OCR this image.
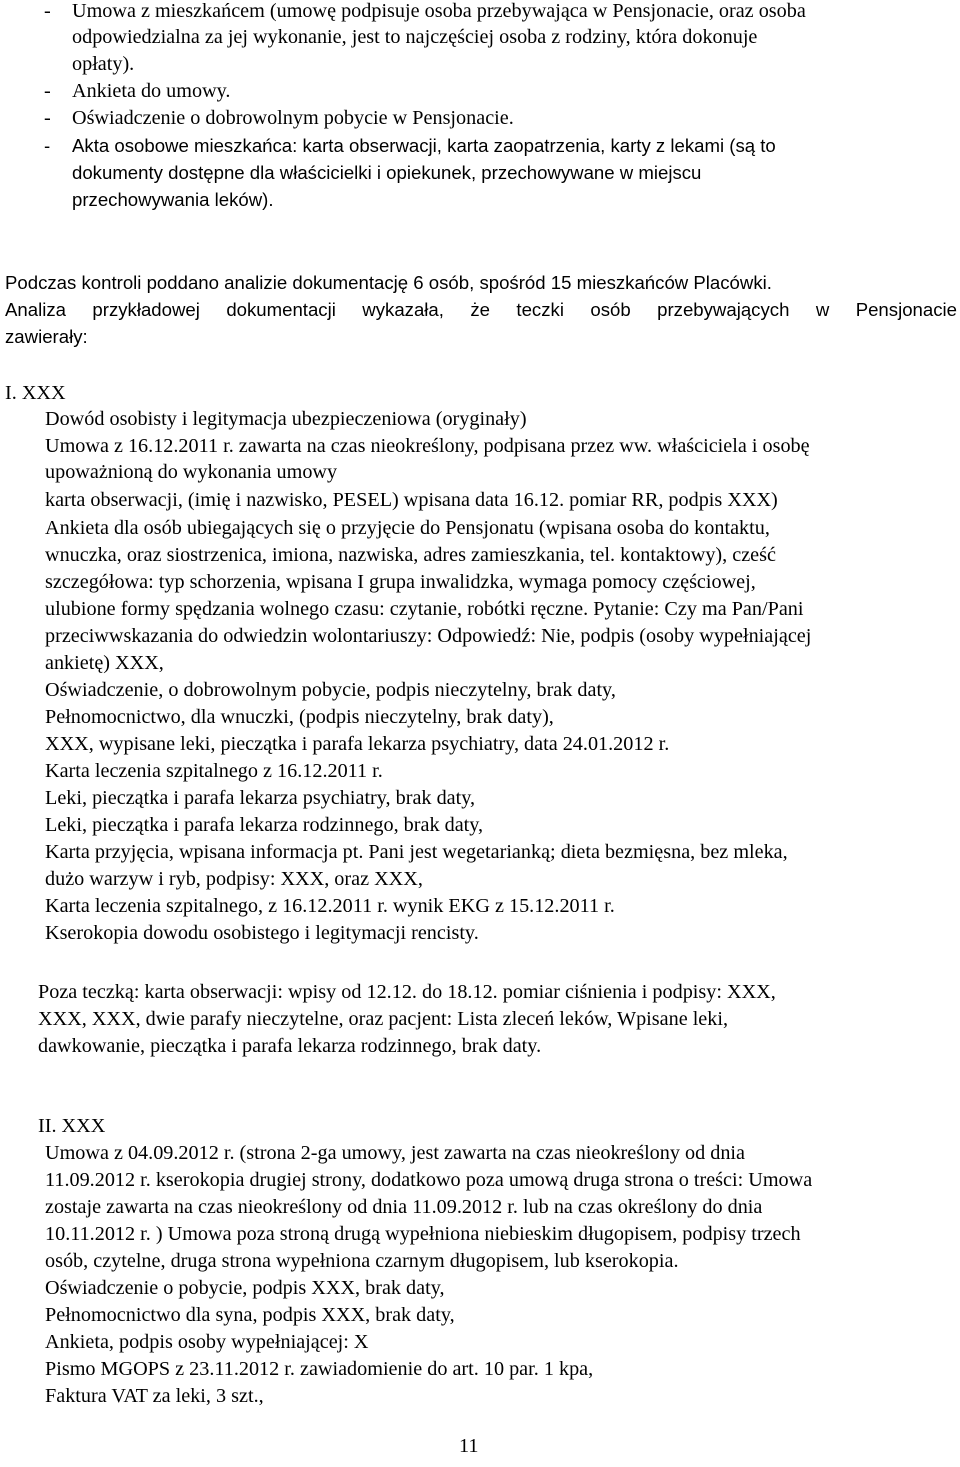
- Umowa z mieszkańcem (umowę podpisuje osoba przebywająca w Pensjonacie, oraz osoba
odpowiedzialna za jej wykonanie, jest to najczęściej osoba z rodziny, która dokonuje
opłaty).
- Ankieta do umowy.
- Oświadczenie o dobrowolnym pobycie w Pensjonacie.
- Akta osobowe mieszkańca: karta obserwacji, karta zaopatrzenia, karty z lekami (są to
dokumenty dostępne dla właścicielki i opiekunek, przechowywane w miejscu
przechowywania leków).
Podczas kontroli poddano analizie dokumentację 6 osób, spośród 15 mieszkańców Placówki.
Analiza przykładowej dokumentacji wykazała, że teczki osób przebywających w Pensjonacie
zawierały:
I. XXX
Dowód osobisty i legitymacja ubezpieczeniowa (oryginały)
Umowa z 16.12.2011 r. zawarta na czas nieokreślony, podpisana przez ww. właściciela i osobę
upoważnioną do wykonania umowy
karta obserwacji, (imię i nazwisko, PESEL) wpisana data 16.12. pomiar RR, podpis XXX)
Ankieta dla osób ubiegających się o przyjęcie do Pensjonatu (wpisana osoba do kontaktu,
wnuczka, oraz siostrzenica, imiona, nazwiska, adres zamieszkania, tel. kontaktowy), cześć
szczegółowa: typ schorzenia, wpisana I grupa inwalidzka, wymaga pomocy częściowej,
ulubione formy spędzania wolnego czasu: czytanie, robótki ręczne. Pytanie: Czy ma Pan/Pani
przeciwwskazania do odwiedzin wolontariuszy: Odpowiedź: Nie, podpis (osoby wypełniającej
ankietę) XXX,
Oświadczenie, o dobrowolnym pobycie, podpis nieczytelny, brak daty,
Pełnomocnictwo, dla wnuczki, (podpis nieczytelny, brak daty),
XXX, wypisane leki, pieczątka i parafa lekarza psychiatry, data 24.01.2012 r.
Karta leczenia szpitalnego z 16.12.2011 r.
Leki, pieczątka i parafa lekarza psychiatry, brak daty,
Leki, pieczątka i parafa lekarza rodzinnego, brak daty,
Karta przyjęcia, wpisana informacja pt. Pani jest wegetarianką; dieta bezmięsna, bez mleka,
dużo warzyw i ryb, podpisy: XXX, oraz XXX,
Karta leczenia szpitalnego, z 16.12.2011 r. wynik EKG z 15.12.2011 r.
Kserokopia dowodu osobistego i legitymacji rencisty.
Poza teczką: karta obserwacji: wpisy od 12.12. do 18.12. pomiar ciśnienia i podpisy: XXX,
XXX, XXX, dwie parafy nieczytelne, oraz pacjent: Lista zleceń leków, Wpisane leki,
dawkowanie, pieczątka i parafa lekarza rodzinnego, brak daty.
II. XXX
Umowa z 04.09.2012 r. (strona 2-ga umowy, jest zawarta na czas nieokreślony od dnia
11.09.2012 r. kserokopia drugiej strony, dodatkowo poza umową druga strona o treści: Umowa
zostaje zawarta na czas nieokreślony od dnia 11.09.2012 r. lub na czas określony do dnia
10.11.2012 r. ) Umowa poza stroną drugą wypełniona niebieskim długopisem, podpisy trzech
osób, czytelne, druga strona wypełniona czarnym długopisem, lub kserokopia.
Oświadczenie o pobycie, podpis XXX, brak daty,
Pełnomocnictwo dla syna, podpis XXX, brak daty,
Ankieta, podpis osoby wypełniającej: X
Pismo MGOPS z 23.11.2012 r. zawiadomienie do art. 10 par. 1 kpa,
Faktura VAT za leki, 3 szt.,
11
